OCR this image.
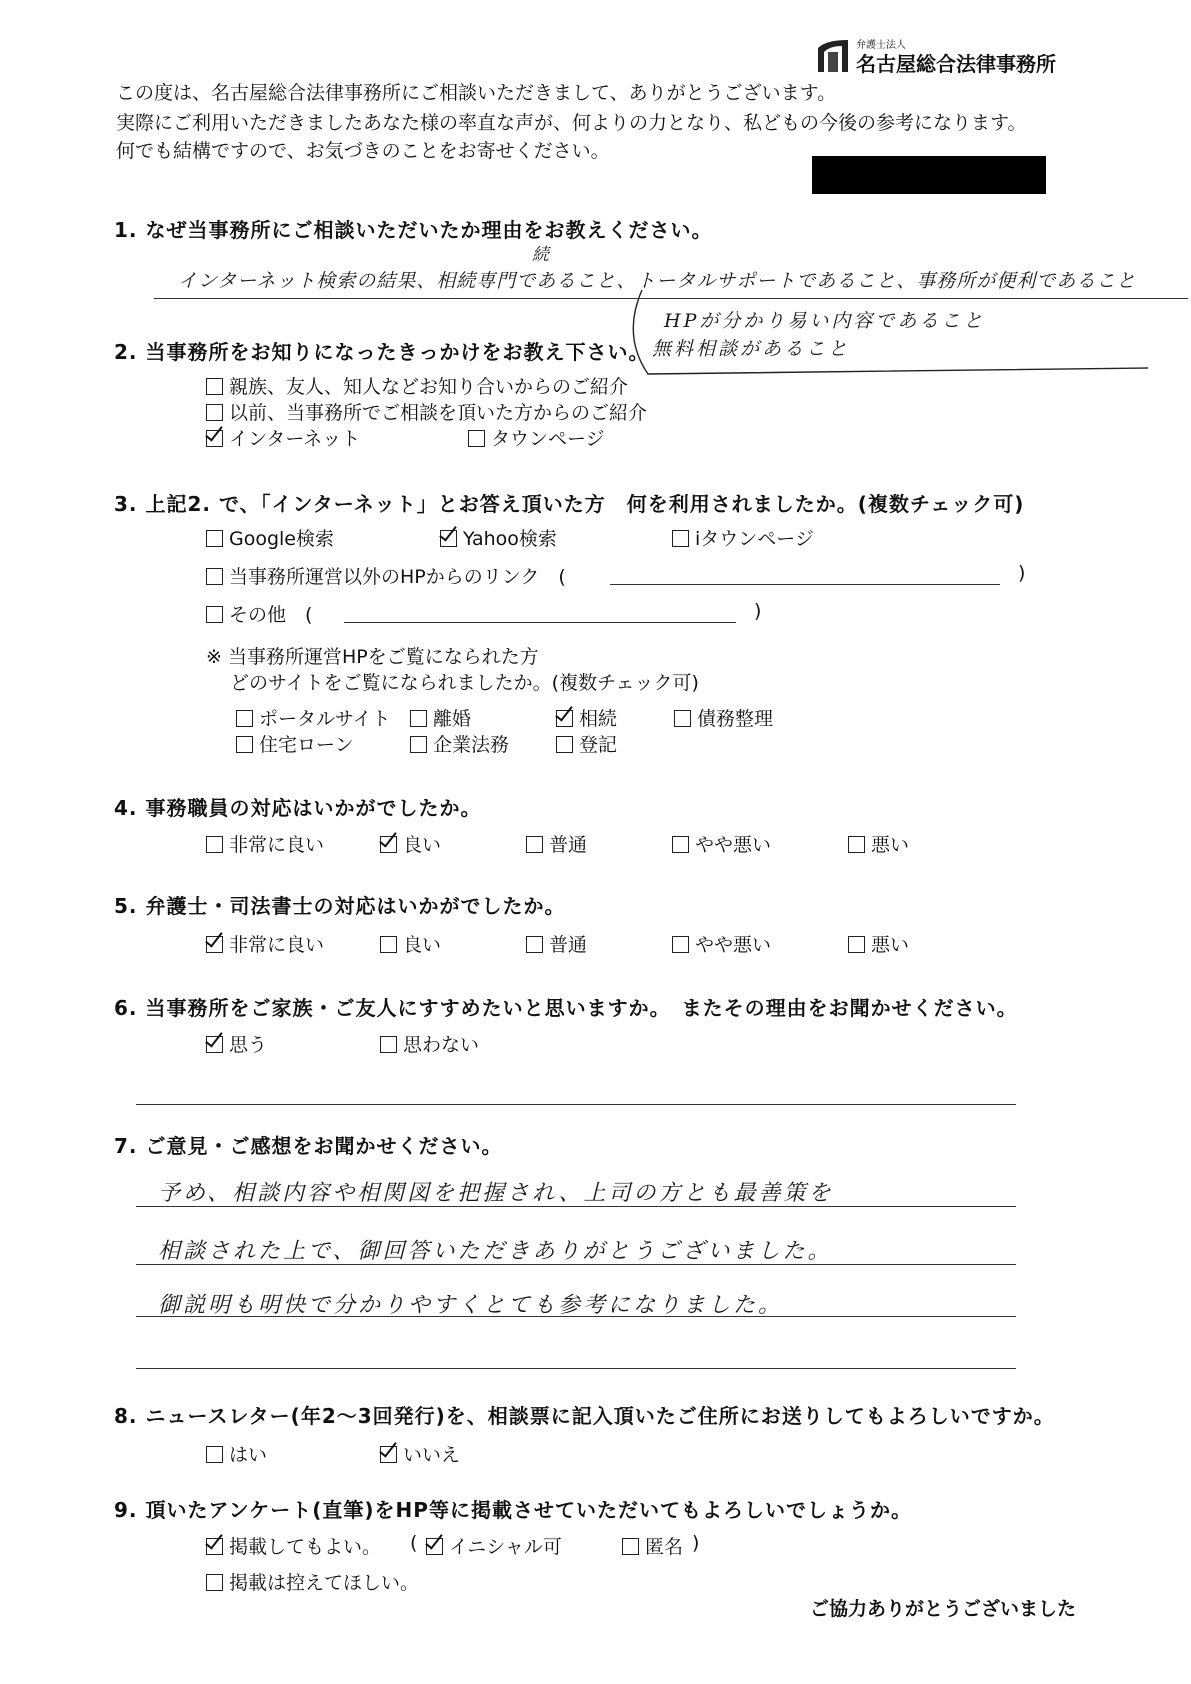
弁護士法人
名古屋総合法律事務所
この度は、名古屋総合法律事務所にご相談いただきまして、ありがとうございます。
実際にご利用いただきましたあなた様の率直な声が、何よりの力となり、私どもの今後の参考になります。
何でも結構ですので、お気づきのことをお寄せください。
1. なぜ当事務所にご相談いただいたか理由をお教えください。
続
インターネット検索の結果、相続専門であること、トータルサポートであること、事務所が便利であること
HPが分かり易い内容であること
無料相談があること
2. 当事務所をお知りになったきっかけをお教え下さい。
親族、友人、知人などお知り合いからのご紹介
以前、当事務所でご相談を頂いた方からのご紹介
インターネット	タウンページ
3. 上記2. で、「インターネット」とお答え頂いた方　何を利用されましたか。(複数チェック可)
Google検索	Yahoo検索	iタウンページ
当事務所運営以外のHPからのリンク　(	)
その他　(	)
※ 当事務所運営HPをご覧になられた方
どのサイトをご覧になられましたか。(複数チェック可)
ポータルサイト	離婚	相続	債務整理
住宅ローン	企業法務	登記
4. 事務職員の対応はいかがでしたか。
非常に良い	良い	普通	やや悪い	悪い
5. 弁護士・司法書士の対応はいかがでしたか。
非常に良い	良い	普通	やや悪い	悪い
6. 当事務所をご家族・ご友人にすすめたいと思いますか。　またその理由をお聞かせください。
思う	思わない
7. ご意見・ご感想をお聞かせください。
予め、相談内容や相関図を把握され、上司の方とも最善策を
相談された上で、御回答いただきありがとうございました。
御説明も明快で分かりやすくとても参考になりました。
8. ニュースレター(年2〜3回発行)を、相談票に記入頂いたご住所にお送りしてもよろしいですか。
はい	いいえ
9. 頂いたアンケート(直筆)をHP等に掲載させていただいてもよろしいでしょうか。
掲載してもよい。 (	イニシャル可	匿名 )
掲載は控えてほしい。
ご協力ありがとうございました
